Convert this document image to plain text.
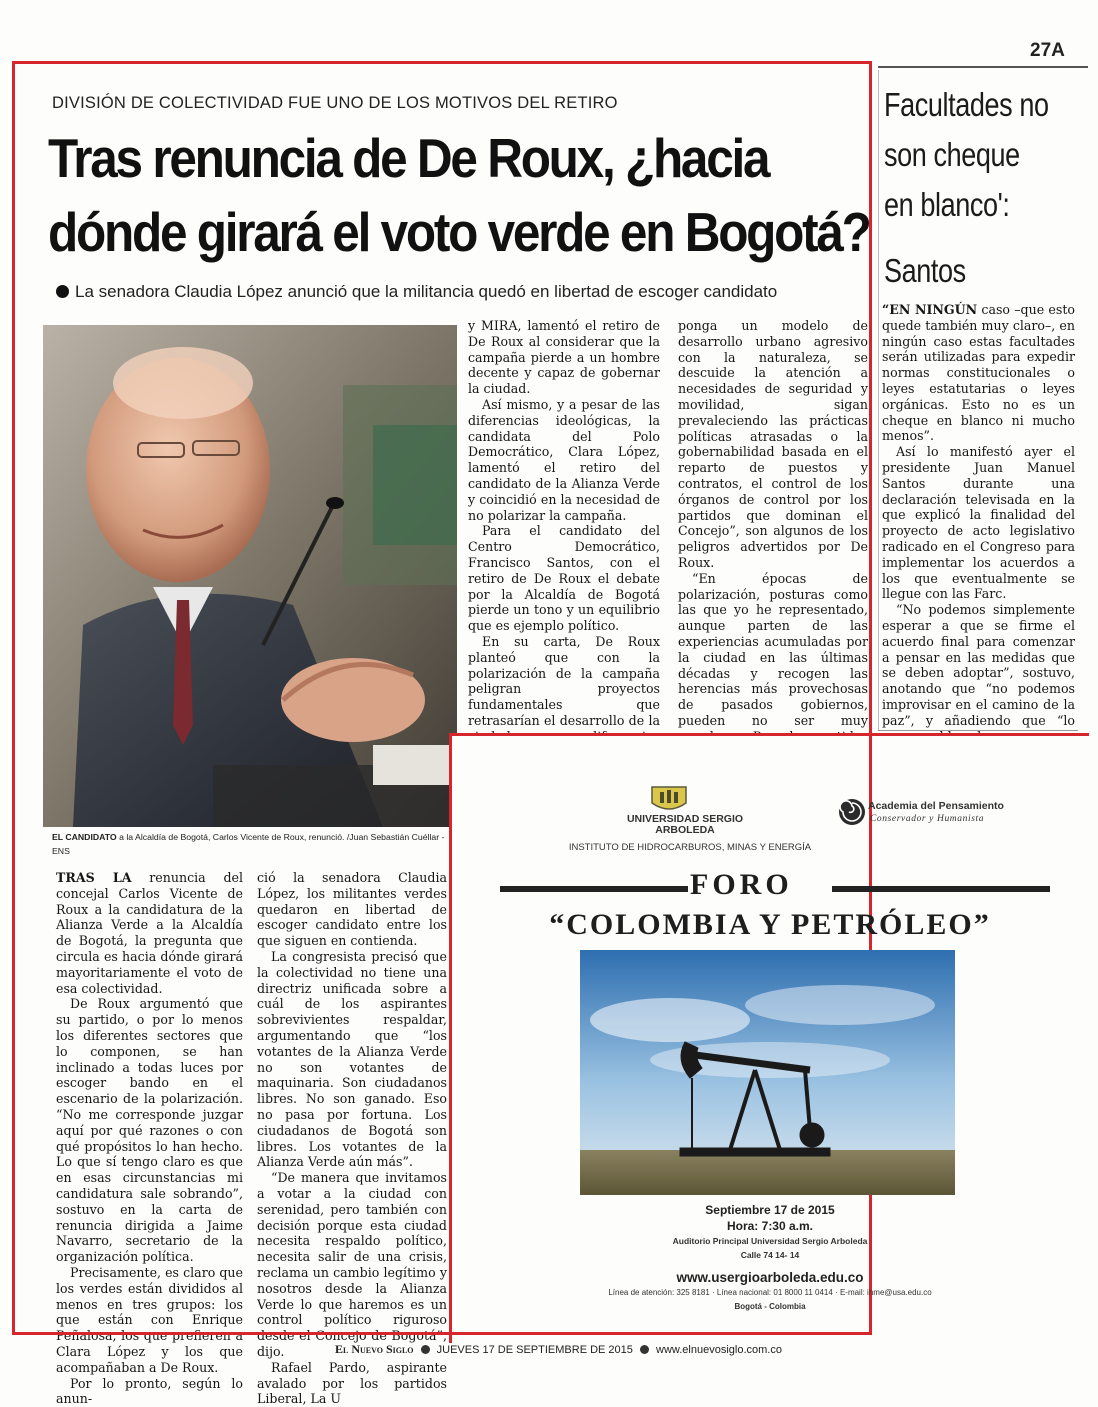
27A
DIVISIÓN DE COLECTIVIDAD FUE UNO DE LOS MOTIVOS DEL RETIRO
Tras renuncia de De Roux, ¿hacia
dónde girará el voto verde en Bogotá?
La senadora Claudia López anunció que la militancia quedó en libertad de escoger candidato
EL CANDIDATO a la Alcaldía de Bogotá, Carlos Vicente de Roux, renunció. /Juan Sebastián Cuéllar - ENS

TRAS LA renuncia del concejal Carlos Vicente de Roux a la candidatura de la Alianza Verde a la Alcaldía de Bogotá, la pregunta que circula es hacia dónde girará mayoritariamente el voto de esa colectividad.

De Roux argumentó que su partido, o por lo menos los diferentes sectores que lo componen, se han inclinado a todas luces por escoger bando en el escenario de la polarización. “No me corresponde juzgar aquí por qué razones o con qué propósitos lo han hecho. Lo que sí tengo claro es que en esas circunstancias mi candidatura sale sobrando”, sostuvo en la carta de renuncia dirigida a Jaime Navarro, secretario de la organización política.

Precisamente, es claro que los verdes están divididos al menos en tres grupos: los que están con Enrique Peñalosa, los que prefieren a Clara López y los que acompañaban a De Roux.

Por lo pronto, según lo anun-

ció la senadora Claudia López, los militantes verdes quedaron en libertad de escoger candidato entre los que siguen en contienda.

La congresista precisó que la colectividad no tiene una directriz unificada sobre a cuál de los aspirantes sobrevivientes respaldar, argumentando que “los votantes de la Alianza Verde no son votantes de maquinaria. Son ciudadanos libres. No son ganado. Eso no pasa por fortuna. Los ciudadanos de Bogotá son libres. Los votantes de la Alianza Verde aún más”.

“De manera que invitamos a votar a la ciudad con serenidad, pero también con decisión porque esta ciudad necesita respaldo político, necesita salir de una crisis, reclama un cambio legítimo y nosotros desde la Alianza Verde lo que haremos es un control político riguroso desde el Concejo de Bogotá”, dijo.

Rafael Pardo, aspirante avalado por los partidos Liberal, La U

y MIRA, lamentó el retiro de De Roux al considerar que la campaña pierde a un hombre decente y capaz de gobernar la ciudad.

Así mismo, y a pesar de las diferencias ideológicas, la candidata del Polo Democrático, Clara López, lamentó el retiro del candidato de la Alianza Verde y coincidió en la necesidad de no polarizar la campaña.

Para el candidato del Centro Democrático, Francisco Santos, con el retiro de De Roux el debate por la Alcaldía de Bogotá pierde un tono y un equilibrio que es ejemplo político.

En su carta, De Roux planteó que con la polarización de la campaña peligran proyectos fundamentales que retrasarían el desarrollo de la

ponga un modelo de desarrollo urbano agresivo con la naturaleza, se descuide la atención a necesidades de seguridad y movilidad, sigan prevaleciendo las prácticas políticas atrasadas o la gobernabilidad basada en el reparto de puestos y contratos, el control de los órganos de control por los partidos que dominan el Concejo”, son algunos de los peligros advertidos por De Roux.

“En épocas de polarización, posturas como las que yo he representado, aunque parten de las experiencias acumuladas por la ciudad en las últimas décadas y recogen las herencias más provechosas de pasados gobiernos, pueden no ser muy

Facultades no
son cheque
en blanco':
Santos

“EN NINGÚN caso –que esto quede también muy claro–, en ningún caso estas facultades serán utilizadas para expedir normas constitucionales o leyes estatutarias o leyes orgánicas. Esto no es un cheque en blanco ni mucho menos”.

Así lo manifestó ayer el presidente Juan Manuel Santos durante una declaración televisada en la que explicó la finalidad del proyecto de acto legislativo radicado en el Congreso para implementar los acuerdos a los que eventualmente se llegue con las Farc.

“No podemos simplemente esperar a que se firme el acuerdo final para comenzar a pensar en las medidas que se deben adoptar”, sostuvo, anotando que “no podemos improvisar en el camino de la paz”, y añadiendo que “lo

UNIVERSIDAD SERGIO ARBOLEDA
INSTITUTO DE HIDROCARBUROS, MINAS Y ENERGÍA
Academia del Pensamiento
Conservador y Humanista
FORO
“COLOMBIA Y PETRÓLEO”
Septiembre 17 de 2015
Hora: 7:30 a.m.
Auditorio Principal Universidad Sergio Arboleda
Calle 74 14- 14
www.usergioarboleda.edu.co
Línea de atención: 325 8181 · Línea nacional: 01 8000 11 0414 · E-mail: ihme@usa.edu.co
Bogotá - Colombia
El Nuevo Siglo JUEVES 17 DE SEPTIEMBRE DE 2015 www.elnuevosiglo.com.co
